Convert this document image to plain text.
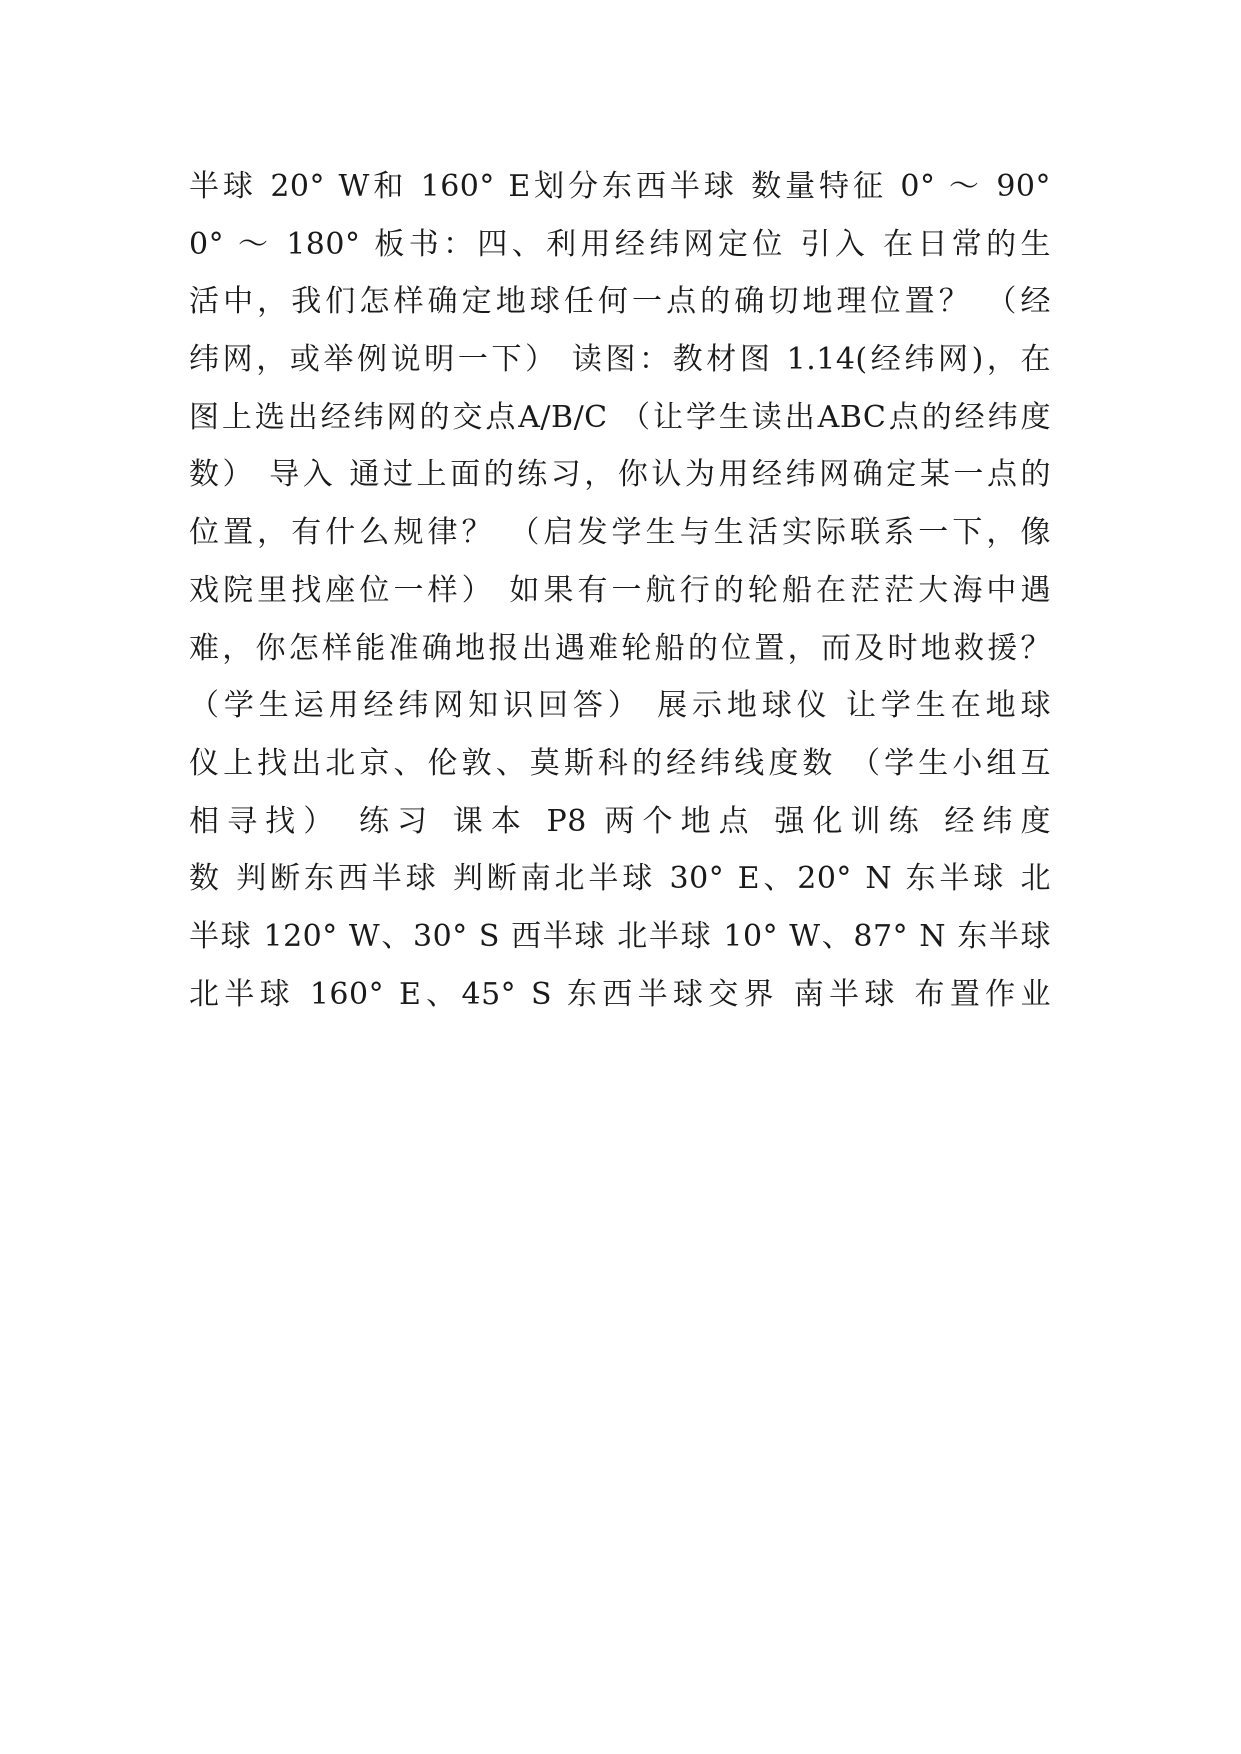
半球 20° W和 160° E划分东西半球 数量特征 0° ～ 90°
0° ～ 180° 板书：四、利用经纬网定位 引入 在日常的生
活中，我们怎样确定地球任何一点的确切地理位置？ （经
纬网，或举例说明一下） 读图：教材图 1.14(经纬网)，在
图上选出经纬网的交点A/B/C （让学生读出ABC点的经纬度
数） 导入 通过上面的练习，你认为用经纬网确定某一点的
位置，有什么规律？ （启发学生与生活实际联系一下，像
戏院里找座位一样） 如果有一航行的轮船在茫茫大海中遇
难，你怎样能准确地报出遇难轮船的位置，而及时地救援？
（学生运用经纬网知识回答） 展示地球仪 让学生在地球
仪上找出北京、伦敦、莫斯科的经纬线度数 （学生小组互
相寻找） 练习 课本 P8 两个地点 强化训练 经纬度
数 判断东西半球 判断南北半球 30° E、20° N 东半球 北
半球 120° W、30° S 西半球 北半球 10° W、87° N 东半球
北半球 160° E、45° S 东西半球交界 南半球 布置作业
